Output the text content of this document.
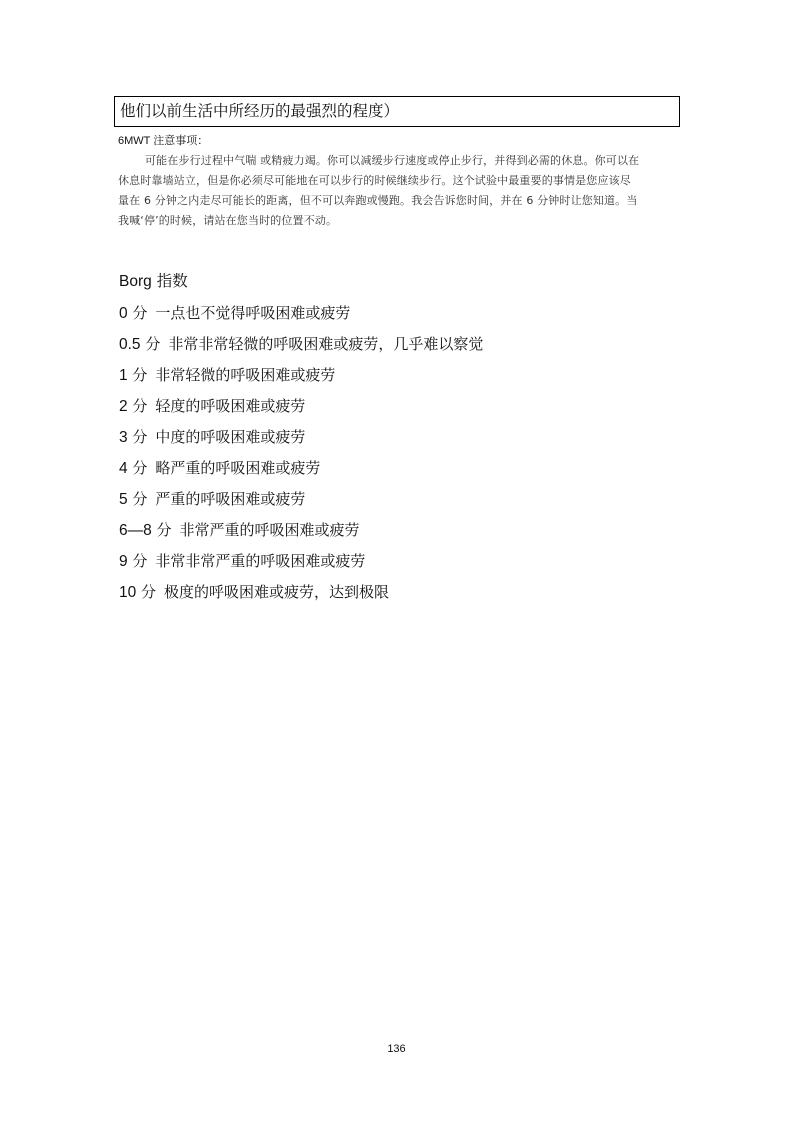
他们以前生活中所经历的最强烈的程度）
6MWT 注意事项：
可能在步行过程中气喘 或精疲力竭。你可以减缓步行速度或停止步行，并得到必需的休息。你可以在
休息时靠墙站立，但是你必须尽可能地在可以步行的时候继续步行。这个试验中最重要的事情是您应该尽
量在 6 分钟之内走尽可能长的距离，但不可以奔跑或慢跑。我会告诉您时间，并在 6 分钟时让您知道。当
我喊‘停’的时候，请站在您当时的位置不动。
Borg 指数
0 分 一点也不觉得呼吸困难或疲劳
0.5 分 非常非常轻微的呼吸困难或疲劳，几乎难以察觉
1 分 非常轻微的呼吸困难或疲劳
2 分 轻度的呼吸困难或疲劳
3 分 中度的呼吸困难或疲劳
4 分 略严重的呼吸困难或疲劳
5 分 严重的呼吸困难或疲劳
6—8 分 非常严重的呼吸困难或疲劳
9 分 非常非常严重的呼吸困难或疲劳
10 分 极度的呼吸困难或疲劳，达到极限
136
